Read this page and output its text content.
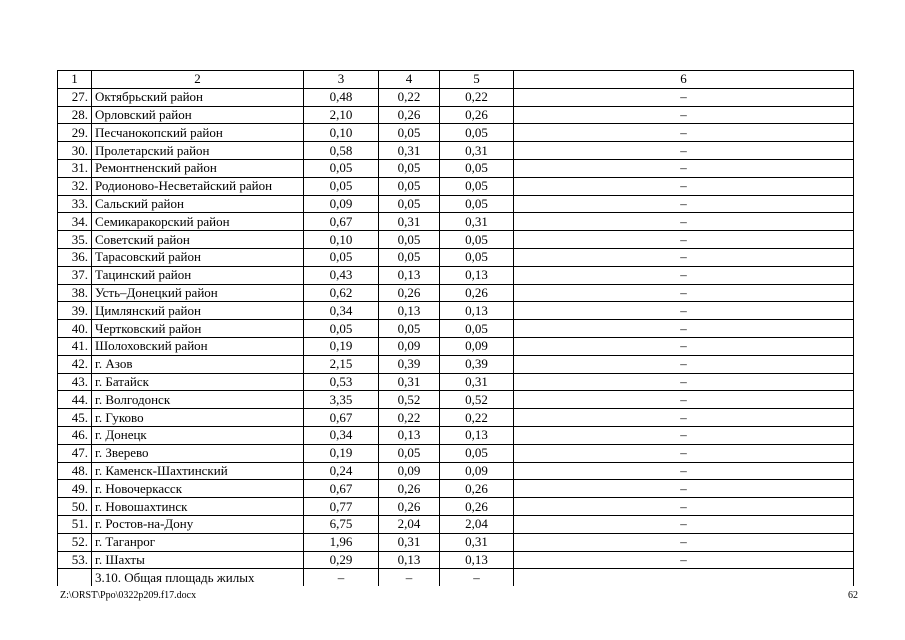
1	2	3	4	5	6
27.	Октябрьский район	0,48	0,22	0,22	–
28.	Орловский район	2,10	0,26	0,26	–
29.	Песчанокопский район	0,10	0,05	0,05	–
30.	Пролетарский район	0,58	0,31	0,31	–
31.	Ремонтненский район	0,05	0,05	0,05	–
32.	Родионово-Несветайский район	0,05	0,05	0,05	–
33.	Сальский район	0,09	0,05	0,05	–
34.	Семикаракорский район	0,67	0,31	0,31	–
35.	Советский район	0,10	0,05	0,05	–
36.	Тарасовский район	0,05	0,05	0,05	–
37.	Тацинский район	0,43	0,13	0,13	–
38.	Усть–Донецкий район	0,62	0,26	0,26	–
39.	Цимлянский район	0,34	0,13	0,13	–
40.	Чертковский район	0,05	0,05	0,05	–
41.	Шолоховский район	0,19	0,09	0,09	–
42.	г. Азов	2,15	0,39	0,39	–
43.	г. Батайск	0,53	0,31	0,31	–
44.	г. Волгодонск	3,35	0,52	0,52	–
45.	г. Гуково	0,67	0,22	0,22	–
46.	г. Донецк	0,34	0,13	0,13	–
47.	г. Зверево	0,19	0,05	0,05	–
48.	г. Каменск-Шахтинский	0,24	0,09	0,09	–
49.	г. Новочеркасск	0,67	0,26	0,26	–
50.	г. Новошахтинск	0,77	0,26	0,26	–
51.	г. Ростов-на-Дону	6,75	2,04	2,04	–
52.	г. Таганрог	1,96	0,31	0,31	–
53.	г. Шахты	0,29	0,13	0,13	–
	3.10. Общая площадь жилых	–	–	–	
Z:\ORST\Ppo\0322p209.f17.docx	62
